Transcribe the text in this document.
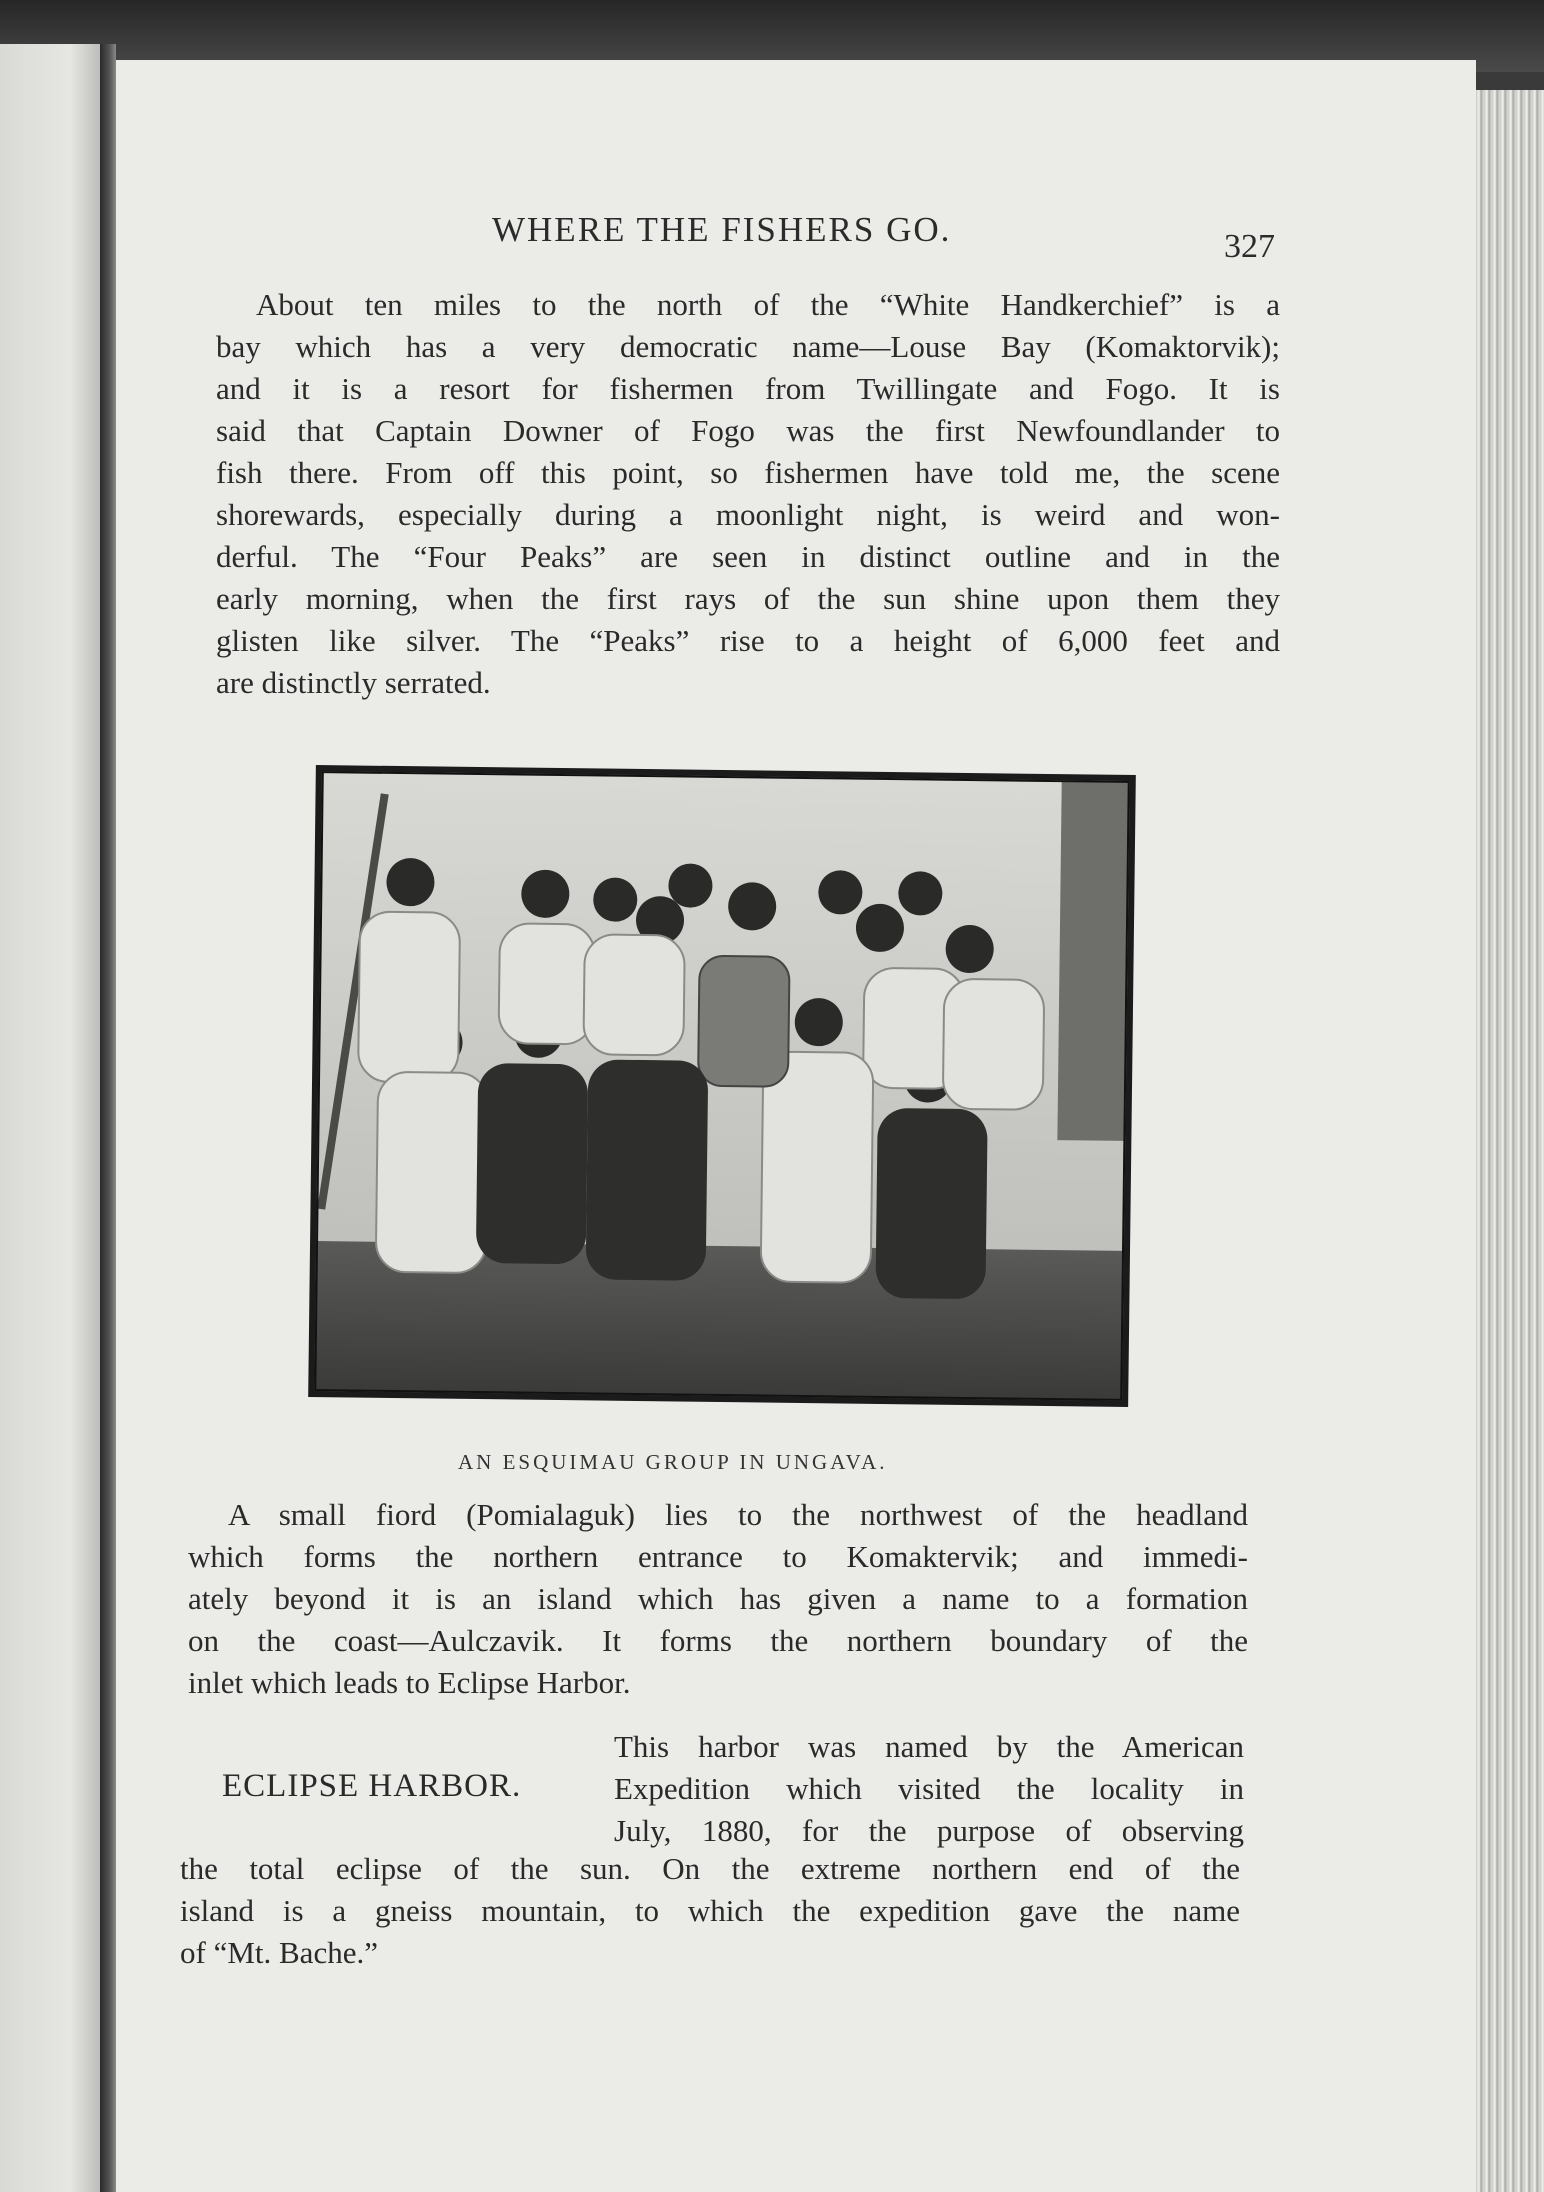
WHERE THE FISHERS GO.	327

About ten miles to the north of the “White Handkerchief” is a
bay which has a very democratic name—Louse Bay (Komaktorvik);
and it is a resort for fishermen from Twillingate and Fogo. It is
said that Captain Downer of Fogo was the first Newfoundlander to
fish there. From off this point, so fishermen have told me, the scene
shorewards, especially during a moonlight night, is weird and won-
derful. The “Four Peaks” are seen in distinct outline and in the
early morning, when the first rays of the sun shine upon them they
glisten like silver. The “Peaks” rise to a height of 6,000 feet and
are distinctly serrated.

AN ESQUIMAU GROUP IN UNGAVA.

A small fiord (Pomialaguk) lies to the northwest of the headland
which forms the northern entrance to Komaktervik; and immedi-
ately beyond it is an island which has given a name to a formation
on the coast—Aulczavik. It forms the northern boundary of the
inlet which leads to Eclipse Harbor.

ECLIPSE HARBOR.

This harbor was named by the American
Expedition which visited the locality in
July, 1880, for the purpose of observing

the total eclipse of the sun. On the extreme northern end of the
island is a gneiss mountain, to which the expedition gave the name
of “Mt. Bache.”
